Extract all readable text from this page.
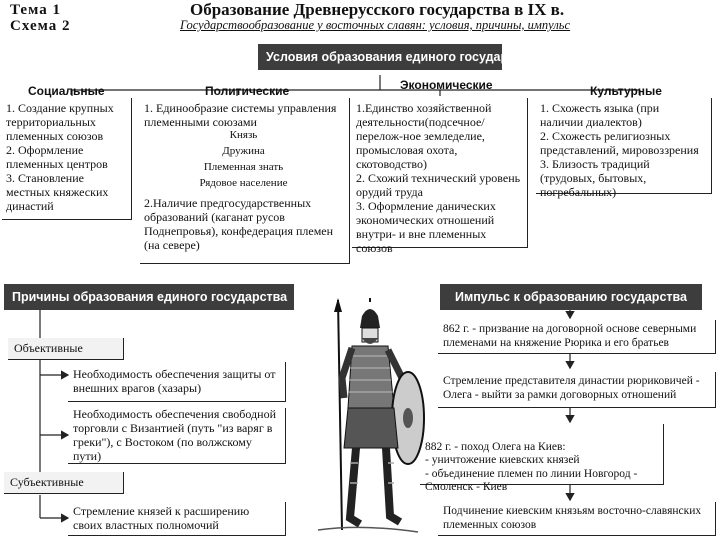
Тема 1
Схема 2
Образование Древнерусского государства в IX в.
Государствообразование у восточных славян: условия, причины, импульс
Условия образования единого государства
Социальные	Политические	Экономические	Культурные

1. Создание крупных территориальных племенных союзов

2. Оформление племенных центров

3. Становление местных княжеских династий

1. Единообразие системы управления племенными союзами

Князь
Дружина
Племенная знать
Рядовое население

2.Наличие предгосударственных образований (каганат русов Поднепровья), конфедерация племен (на севере)

1.Единство хозяйственной деятельности(подсечное/перелож-ное земледелие, промысловая охота, скотоводство)

2. Схожий технический уровень орудий труда

3. Оформление данических экономических отношений внутри- и вне племенных союзов

1. Схожесть языка (при наличии диалектов)

2. Схожесть религиозных представлений, мировоззрения

3. Близость традиций (трудовых, бытовых, погребальных)

Причины образования единого государства
Объективные
Необходимость обеспечения защиты от внешних врагов (хазары)
Необходимость обеспечения свободной торговли с Византией (путь "из варяг в греки"), с Востоком (по волжскому пути)
Субъективные
Стремление князей к расширению своих властных полномочий
Импульс к образованию государства
862 г. - призвание на договорной основе северными племенами на княжение Рюрика и его братьев
Стремление представителя династии рюриковичей - Олега - выйти за рамки договорных отношений

882 г. - поход Олега на Киев:
- уничтожение киевских князей
- объединение племен по линии Новгород - Смоленск - Киев

Подчинение киевским князьям восточно-славянских племенных союзов
